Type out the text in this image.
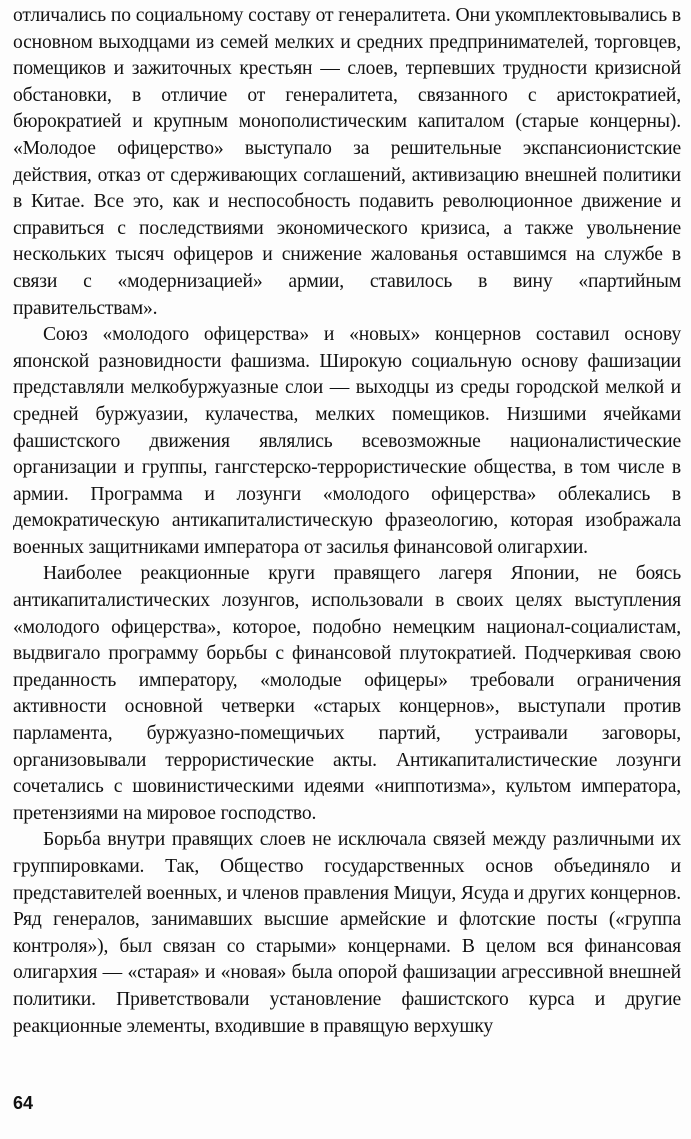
отличались по социальному составу от генералитета. Они укомплектовывались в основном выходцами из семей мелких и средних предпринимателей, торговцев, помещиков и зажиточных крестьян — слоев, терпевших трудности кризисной обстановки, в отличие от генералитета, связанного с аристократией, бюрократией и крупным монополистическим капиталом (старые концерны). «Молодое офицерство» выступало за решительные экспансионистские действия, отказ от сдерживающих соглашений, активизацию внешней политики в Китае. Все это, как и неспособность подавить революционное движение и справиться с последствиями экономического кризиса, а также увольнение нескольких тысяч офицеров и снижение жалованья оставшимся на службе в связи с «модернизацией» армии, ставилось в вину «партийным правительствам».

Союз «молодого офицерства» и «новых» концернов составил основу японской разновидности фашизма. Широкую социальную основу фашизации представляли мелкобуржуазные слои — выходцы из среды городской мелкой и средней буржуазии, кулачества, мелких помещиков. Низшими ячейками фашистского движения являлись всевозможные националистические организации и группы, гангстерско-террористические общества, в том числе в армии. Программа и лозунги «молодого офицерства» облекались в демократическую антикапиталистическую фразеологию, которая изображала военных защитниками императора от засилья финансовой олигархии.

Наиболее реакционные круги правящего лагеря Японии, не боясь антикапиталистических лозунгов, использовали в своих целях выступления «молодого офицерства», которое, подобно немецким национал-социалистам, выдвигало программу борьбы с финансовой плутократией. Подчеркивая свою преданность императору, «молодые офицеры» требовали ограничения активности основной четверки «старых концернов», выступали против парламента, буржуазно-помещичьих партий, устраивали заговоры, организовывали террористические акты. Антикапиталистические лозунги сочетались с шовинистическими идеями «ниппотизма», культом императора, претензиями на мировое господство.

Борьба внутри правящих слоев не исключала связей между различными их группировками. Так, Общество государственных основ объединяло и представителей военных, и членов правления Мицуи, Ясуда и других концернов. Ряд генералов, занимавших высшие армейские и флотские посты («группа контроля»), был связан со старыми» концернами. В целом вся финансовая олигархия — «старая» и «новая» была опорой фашизации агрессивной внешней политики. Приветствовали установление фашистского курса и другие реакционные элементы, входившие в правящую верхушку

64
